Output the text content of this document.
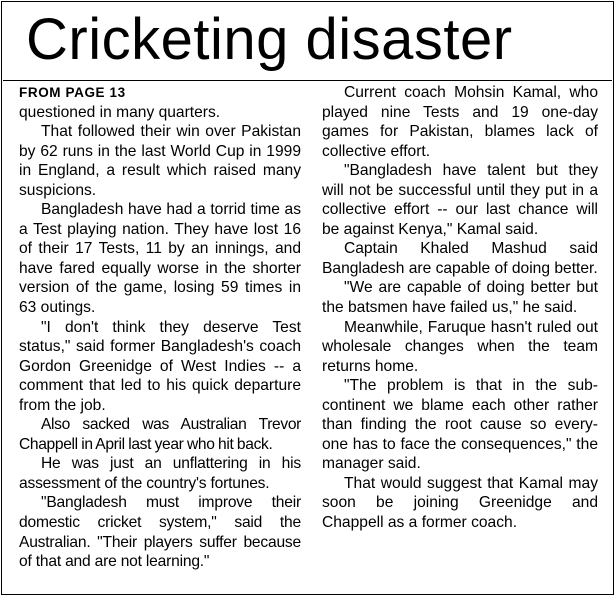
Cricketing disaster
FROM PAGE 13

questioned in many quarters.

That followed their win over Pakistan by 62 runs in the last World Cup in 1999 in England, a result which raised many suspicions.

Bangladesh have had a torrid time as a Test playing nation. They have lost 16 of their 17 Tests, 11 by an innings, and have fared equally worse in the shorter version of the game, losing 59 times in 63 outings.

"I don't think they deserve Test status," said former Bangladesh's coach Gordon Greenidge of West Indies -- a comment that led to his quick departure from the job.

Also sacked was Australian Trevor Chappell in April last year who hit back.

He was just an unflattering in his assessment of the country's fortunes.

"Bangladesh must improve their domestic cricket system," said the Australian. "Their players suffer because of that and are not learning."

Current coach Mohsin Kamal, who played nine Tests and 19 one-day games for Pakistan, blames lack of collective effort.

"Bangladesh have talent but they will not be successful until they put in a collective effort -- our last chance will be against Kenya," Kamal said.

Captain Khaled Mashud said Bangladesh are capable of doing better.

"We are capable of doing better but the batsmen have failed us," he said.

Meanwhile, Faruque hasn't ruled out wholesale changes when the team returns home.

"The problem is that in the sub-continent we blame each other rather than finding the root cause so every-one has to face the consequences," the manager said.

That would suggest that Kamal may soon be joining Greenidge and Chappell as a former coach.
